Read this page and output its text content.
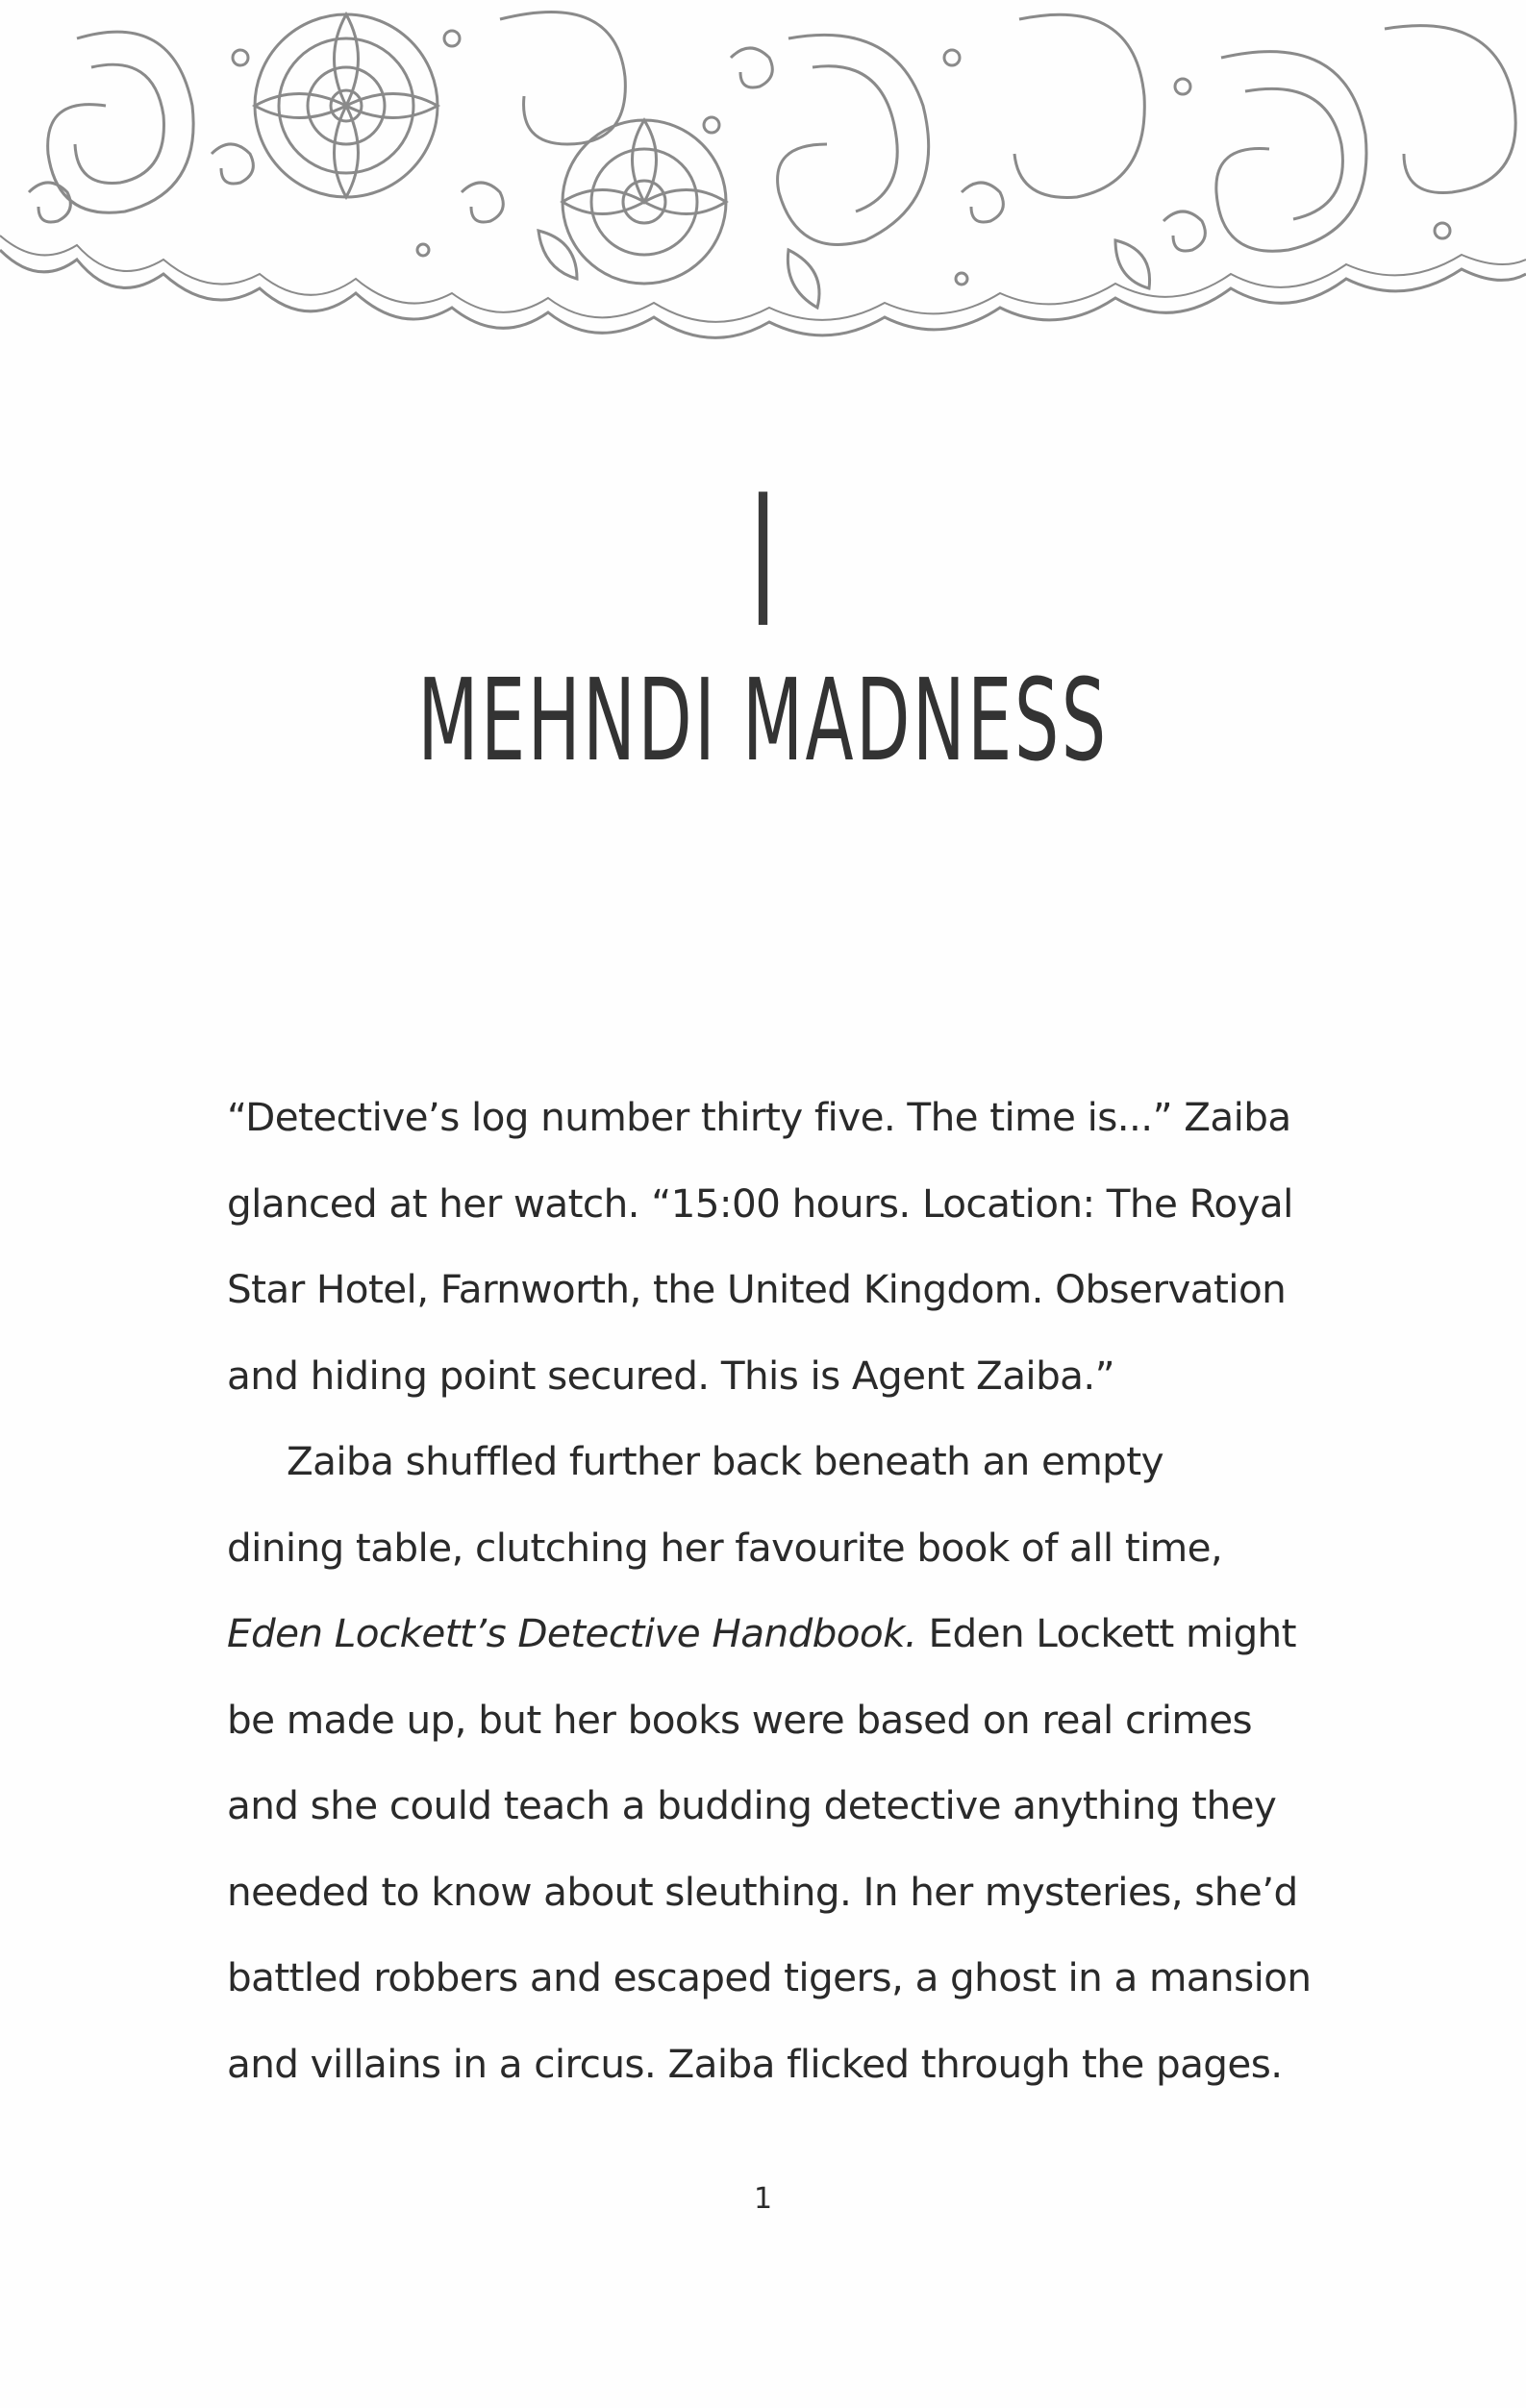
I
MEHNDI MADNESS
“Detective’s log number thirty five. The time is...” Zaiba
glanced at her watch. “15:00 hours. Location: The Royal
Star Hotel, Farnworth, the United Kingdom. Observation
and hiding point secured. This is Agent Zaiba.”
Zaiba shuffled further back beneath an empty
dining table, clutching her favourite book of all time,
Eden Lockett’s Detective Handbook. Eden Lockett might
be made up, but her books were based on real crimes
and she could teach a budding detective anything they
needed to know about sleuthing. In her mysteries, she’d
battled robbers and escaped tigers, a ghost in a mansion
and villains in a circus. Zaiba flicked through the pages.
1
